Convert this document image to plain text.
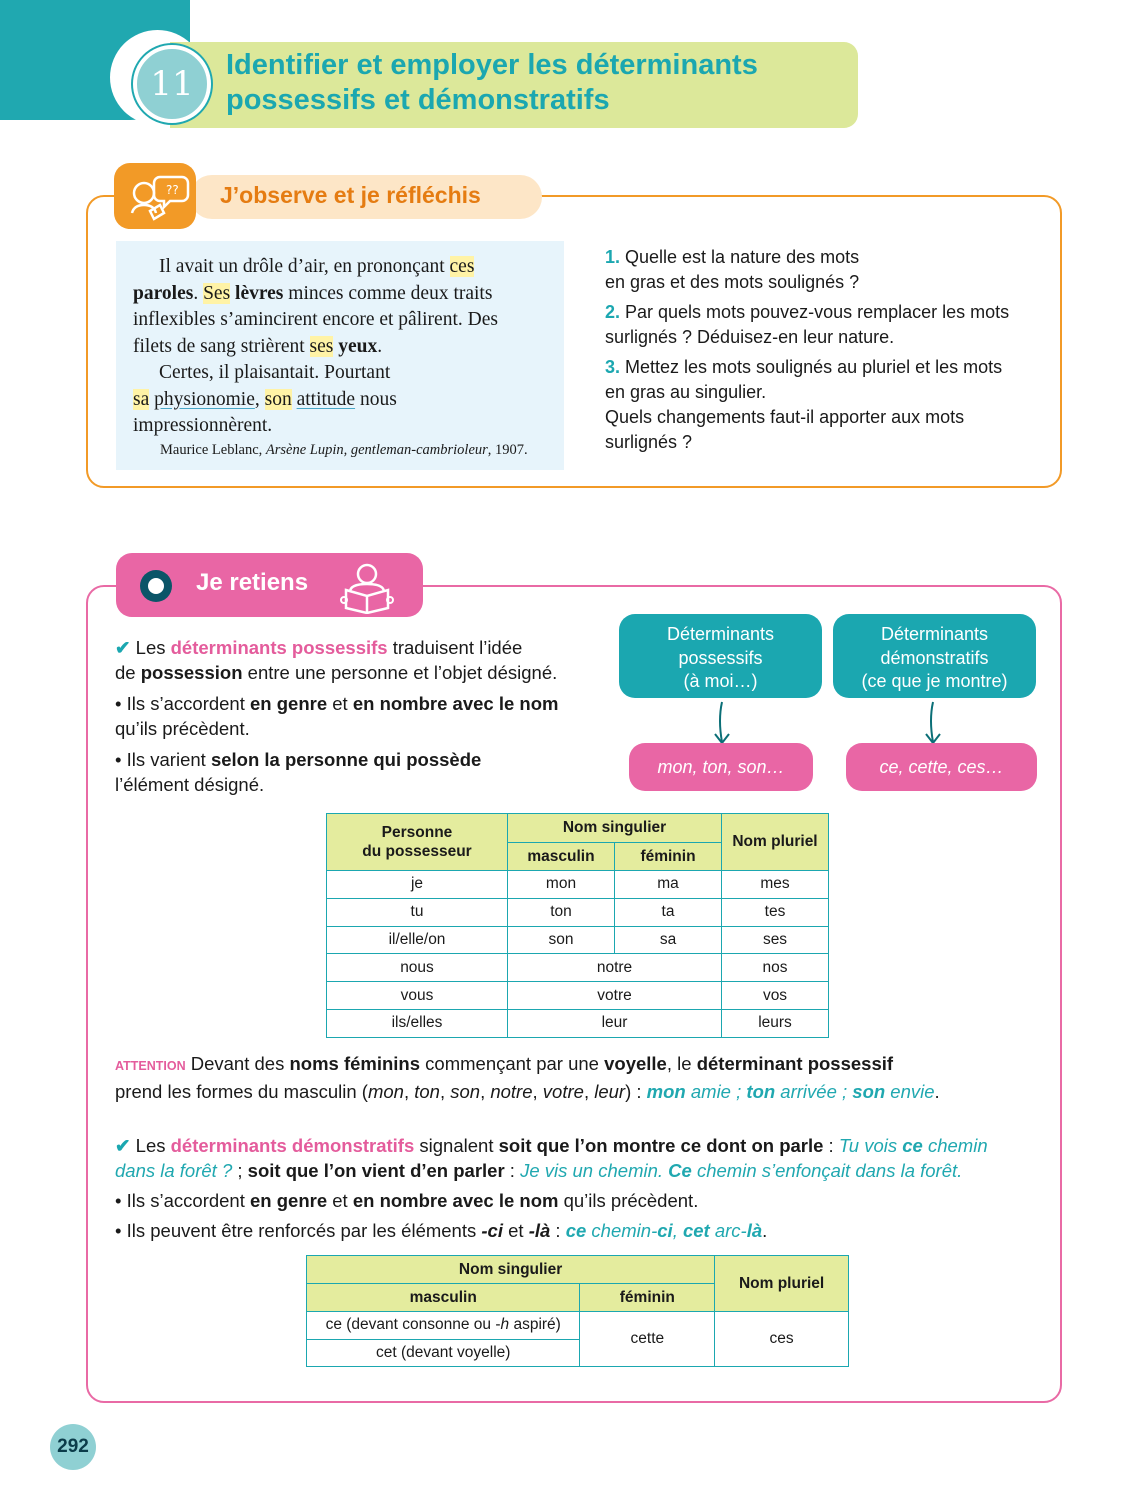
11 Identifier et employer les déterminants
possessifs et démonstratifs
?? J’observe et je réfléchis
Il avait un drôle d’air, en prononçant ces
paroles. Ses lèvres minces comme deux traits
inflexibles s’amincirent encore et pâlirent. Des
filets de sang strièrent ses yeux.
Certes, il plaisantait. Pourtant
sa physionomie, son attitude nous
impressionnèrent.
Maurice Leblanc, Arsène Lupin, gentleman-cambrioleur, 1907.

1. Quelle est la nature des mots
en gras et des mots soulignés ?

2. Par quels mots pouvez-vous remplacer les mots
surlignés ? Déduisez-en leur nature.

3. Mettez les mots soulignés au pluriel et les mots
en gras au singulier.
Quels changements faut-il apporter aux mots
surlignés ?

Je retiens

✔ Les déterminants possessifs traduisent l’idée
de possession entre une personne et l’objet désigné.

• Ils s’accordent en genre et en nombre avec le nom
qu’ils précèdent.

• Ils varient selon la personne qui possède
l’élément désigné.

Déterminants
possessifs
(à moi…)
Déterminants
démonstratifs
(ce que je montre)
mon, ton, son…	ce, cette, ces…
Personne
du possesseur	Nom singulier		Nom pluriel
	masculin	féminin	
je	mon	ma	mes
tu	ton	ta	tes
il/elle/on	son	sa	ses
nous	notre		nos
vous	votre		vos
ils/elles	leur		leurs
ATTENTION Devant des noms féminins commençant par une voyelle, le déterminant possessif
prend les formes du masculin (mon, ton, son, notre, votre, leur) : mon amie ; ton arrivée ; son envie.

✔ Les déterminants démonstratifs signalent soit que l’on montre ce dont on parle : Tu vois ce chemin
dans la forêt ? ; soit que l’on vient d’en parler : Je vis un chemin. Ce chemin s’enfonçait dans la forêt.

• Ils s’accordent en genre et en nombre avec le nom qu’ils précèdent.

• Ils peuvent être renforcés par les éléments -ci et -là : ce chemin-ci, cet arc-là.

Nom singulier		Nom pluriel
masculin	féminin	
ce (devant consonne ou -h aspiré)	cette	ces
cet (devant voyelle)		
292
